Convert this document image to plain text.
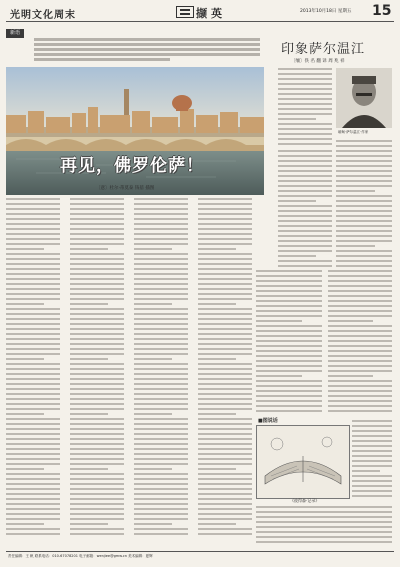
光明文化周末	撷英	2013年10月18日 星期五 15
新语
再见，佛罗伦萨！
〔意〕杜尔·蒂莫泰 钱蓓 插图
印象萨尔温江
〔缅〕佚 名 翻 译 周 兆 祥
缅甸·萨尔温江·作家
■图说话
《彼得森·记录》
责任编辑：王 帆 联系电话：010-67078201 电子邮箱：wenjiee@gmw.cn 美术编辑：夏辉
